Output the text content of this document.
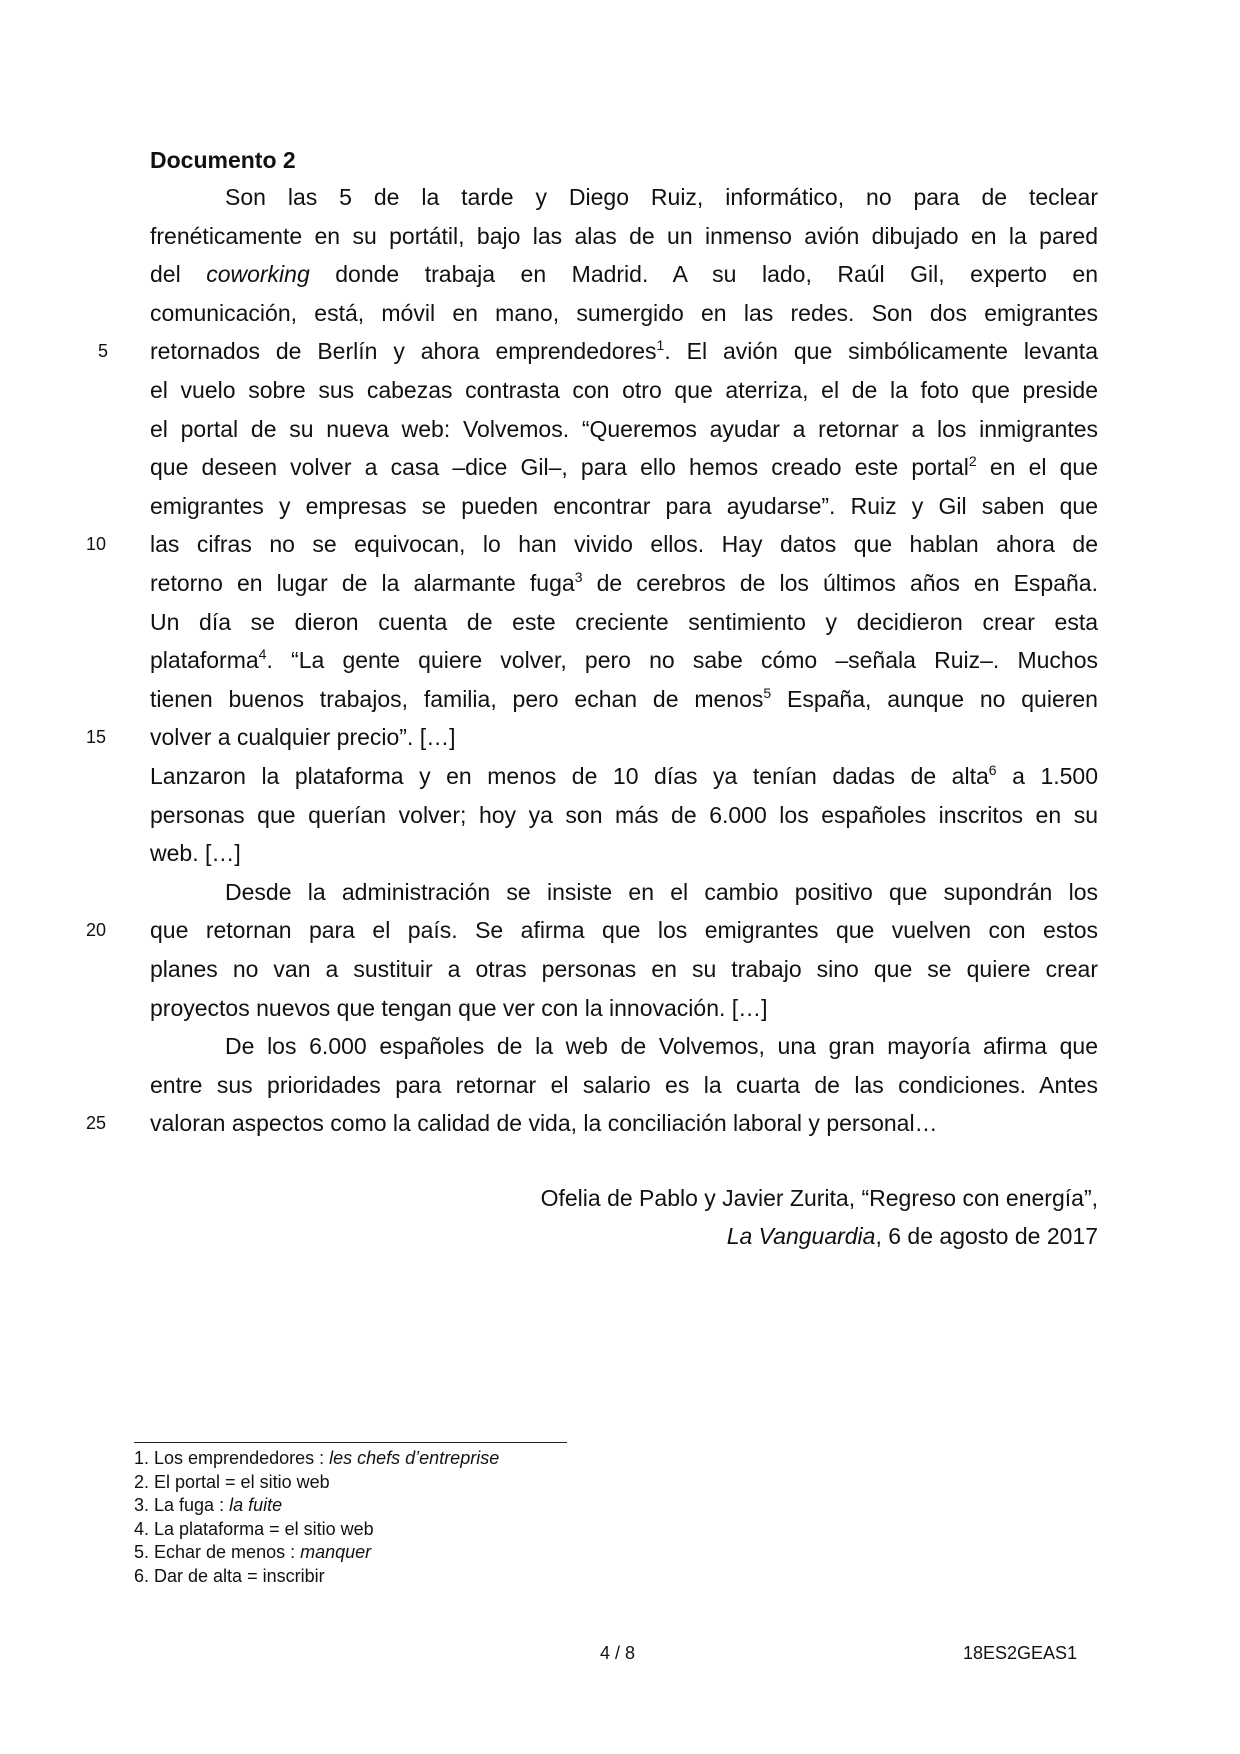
Documento 2
Son las 5 de la tarde y Diego Ruiz, informático, no para de teclear
frenéticamente en su portátil, bajo las alas de un inmenso avión dibujado en la pared
del coworking donde trabaja en Madrid. A su lado, Raúl Gil, experto en
comunicación, está, móvil en mano, sumergido en las redes. Son dos emigrantes
retornados de Berlín y ahora emprendedores$^1$. El avión que simbólicamente levanta
el vuelo sobre sus cabezas contrasta con otro que aterriza, el de la foto que preside
el portal de su nueva web: Volvemos. “Queremos ayudar a retornar a los inmigrantes
que deseen volver a casa –dice Gil–, para ello hemos creado este portal$^2$ en el que
emigrantes y empresas se pueden encontrar para ayudarse”. Ruiz y Gil saben que
las cifras no se equivocan, lo han vivido ellos. Hay datos que hablan ahora de
retorno en lugar de la alarmante fuga$^3$ de cerebros de los últimos años en España.
Un día se dieron cuenta de este creciente sentimiento y decidieron crear esta
plataforma$^4$. “La gente quiere volver, pero no sabe cómo –señala Ruiz–. Muchos
tienen buenos trabajos, familia, pero echan de menos$^5$ España, aunque no quieren
volver a cualquier precio”. […]
Lanzaron la plataforma y en menos de 10 días ya tenían dadas de alta$^6$ a 1.500
personas que querían volver; hoy ya son más de 6.000 los españoles inscritos en su
web. […]
Desde la administración se insiste en el cambio positivo que supondrán los
que retornan para el país. Se afirma que los emigrantes que vuelven con estos
planes no van a sustituir a otras personas en su trabajo sino que se quiere crear
proyectos nuevos que tengan que ver con la innovación. […]
De los 6.000 españoles de la web de Volvemos, una gran mayoría afirma que
entre sus prioridades para retornar el salario es la cuarta de las condiciones. Antes
valoran aspectos como la calidad de vida, la conciliación laboral y personal…
5
10
15
20
25
Ofelia de Pablo y Javier Zurita, “Regreso con energía”,
La Vanguardia, 6 de agosto de 2017
1. Los emprendedores : les chefs d’entreprise
2. El portal = el sitio web
3. La fuga : la fuite
4. La plataforma = el sitio web
5. Echar de menos : manquer
6. Dar de alta = inscribir
4 / 8	18ES2GEAS1
